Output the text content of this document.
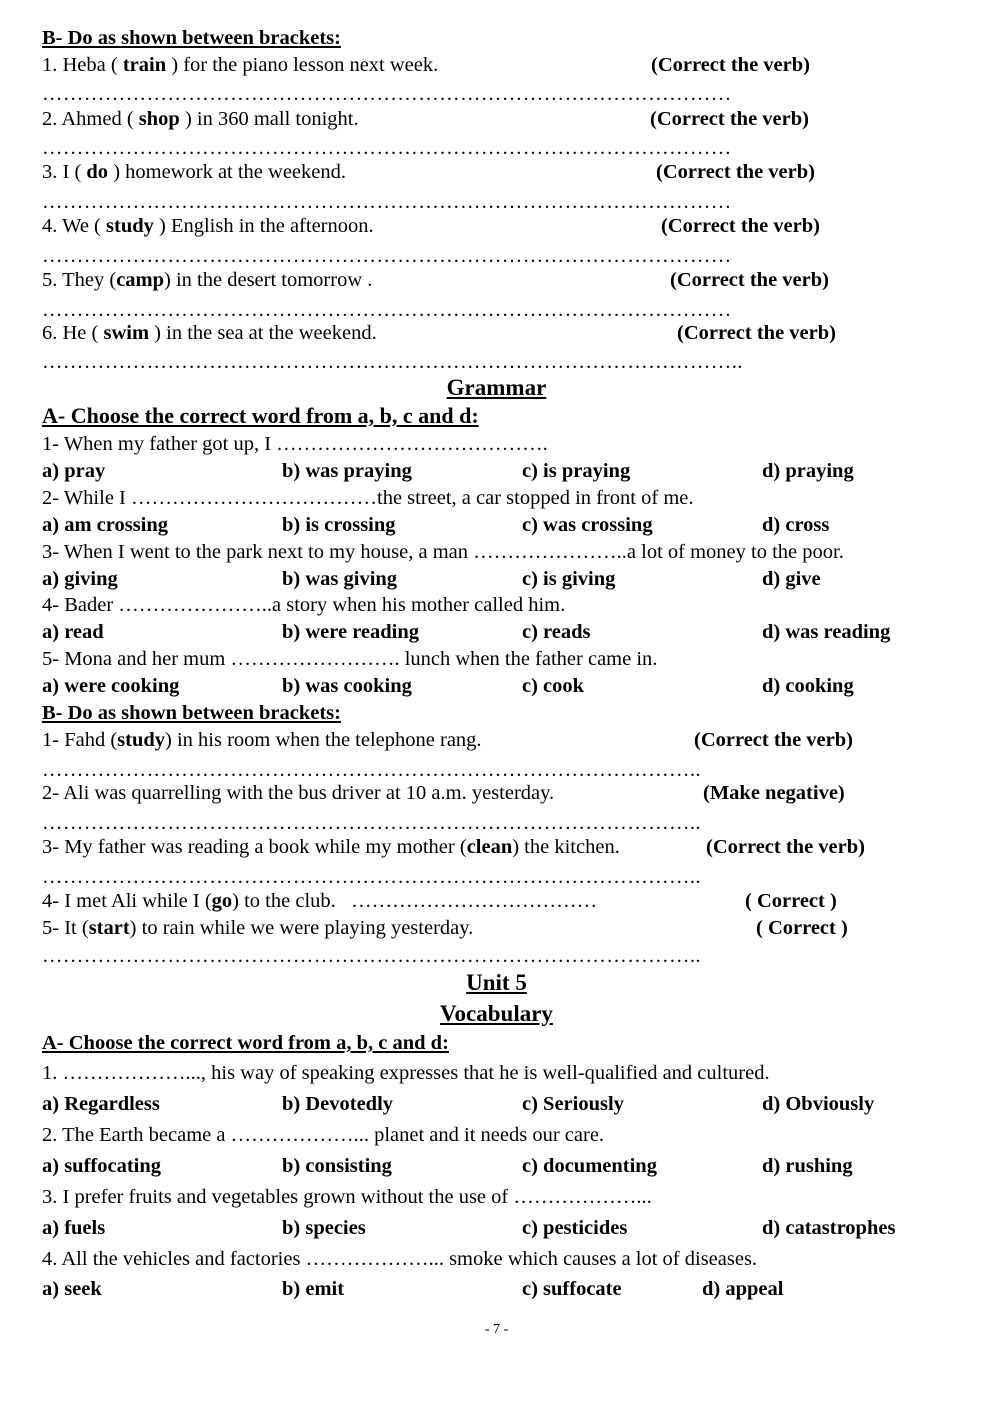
B- Do as shown between brackets:
1. Heba ( train ) for the piano lesson next week.	(Correct the verb)
………………………………………………………………………………………
2. Ahmed ( shop ) in 360 mall tonight.	(Correct the verb)
………………………………………………………………………………………
3. I ( do ) homework at the weekend.	(Correct the verb)
………………………………………………………………………………………
4. We ( study ) English in the afternoon.	(Correct the verb)
………………………………………………………………………………………
5. They (camp) in the desert tomorrow .	(Correct the verb)
………………………………………………………………………………………
6. He ( swim ) in the sea at the weekend.	(Correct the verb)
………………………………………………………………………………………..
Grammar
A- Choose the correct word from a, b, c and d:
1- When my father got up, I ………………………………….
a) pray	b) was praying	c) is praying	d) praying
2- While I ………………………………the street, a car stopped in front of me.
a) am crossing	b) is crossing	c) was crossing	d) cross
3- When I went to the park next to my house, a man …………………..a lot of money to the poor.
a) giving	b) was giving	c) is giving	d) give
4- Bader …………………..a story when his mother called him.
a) read	b) were reading	c) reads	d) was reading
5- Mona and her mum ……………………. lunch when the father came in.
a) were cooking	b) was cooking	c) cook	d) cooking
B- Do as shown between brackets:
1- Fahd (study) in his room when the telephone rang.	(Correct the verb)
…………………………………………………………………………………..
2- Ali was quarrelling with the bus driver at 10 a.m. yesterday.	(Make negative)
…………………………………………………………………………………..
3- My father was reading a book while my mother (clean) the kitchen.	(Correct the verb)
…………………………………………………………………………………..
4- I met Ali while I (go) to the club.   ………………………………	( Correct )
5- It (start) to rain while we were playing yesterday.	( Correct )
…………………………………………………………………………………..
Unit 5
Vocabulary
A- Choose the correct word from a, b, c and d:
1. ………………..., his way of speaking expresses that he is well-qualified and cultured.
a) Regardless	b) Devotedly	c) Seriously	d) Obviously
2. The Earth became a ………………... planet and it needs our care.
a) suffocating	b) consisting	c) documenting	d) rushing
3. I prefer fruits and vegetables grown without the use of ………………...
a) fuels	b) species	c) pesticides	d) catastrophes
4. All the vehicles and factories ………………... smoke which causes a lot of diseases.
a) seek	b) emit	c) suffocate	d) appeal
- 7 -
